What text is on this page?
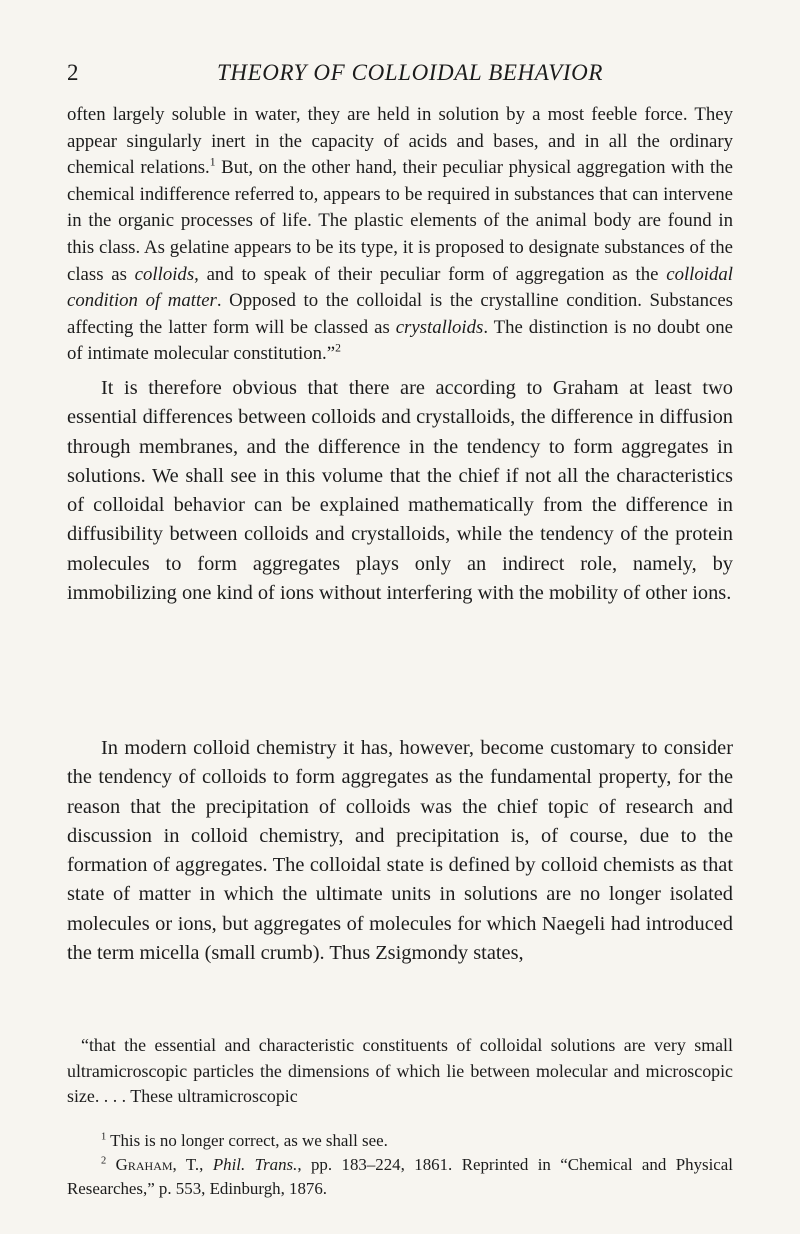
2	THEORY OF COLLOIDAL BEHAVIOR

often largely soluble in water, they are held in solution by a most feeble force. They appear singularly inert in the capacity of acids and bases, and in all the ordinary chemical relations.$^1$ But, on the other hand, their peculiar physical aggregation with the chemical indifference referred to, appears to be required in substances that can intervene in the organic processes of life. The plastic elements of the animal body are found in this class. As gelatine appears to be its type, it is proposed to designate substances of the class as colloids, and to speak of their peculiar form of aggregation as the colloidal condition of matter. Opposed to the colloidal is the crystalline condition. Substances affecting the latter form will be classed as crystalloids. The distinction is no doubt one of intimate molecular constitution.”$^2$

It is therefore obvious that there are according to Graham at least two essential differences between colloids and crystalloids, the difference in diffusion through membranes, and the difference in the tendency to form aggregates in solutions. We shall see in this volume that the chief if not all the characteristics of colloidal behavior can be explained mathematically from the difference in diffusibility between colloids and crystalloids, while the tendency of the protein molecules to form aggregates plays only an indirect role, namely, by immobilizing one kind of ions without interfering with the mobility of other ions.

In modern colloid chemistry it has, however, become customary to consider the tendency of colloids to form aggregates as the fundamental property, for the reason that the precipitation of colloids was the chief topic of research and discussion in colloid chemistry, and precipitation is, of course, due to the formation of aggregates. The colloidal state is defined by colloid chemists as that state of matter in which the ultimate units in solutions are no longer isolated molecules or ions, but aggregates of molecules for which Naegeli had introduced the term micella (small crumb). Thus Zsigmondy states,

“that the essential and characteristic constituents of colloidal solutions are very small ultramicroscopic particles the dimensions of which lie between molecular and microscopic size. . . . These ultramicroscopic

$^1$ This is no longer correct, as we shall see.

$^2$ Graham, T., Phil. Trans., pp. 183–224, 1861. Reprinted in “Chemical and Physical Researches,” p. 553, Edinburgh, 1876.
